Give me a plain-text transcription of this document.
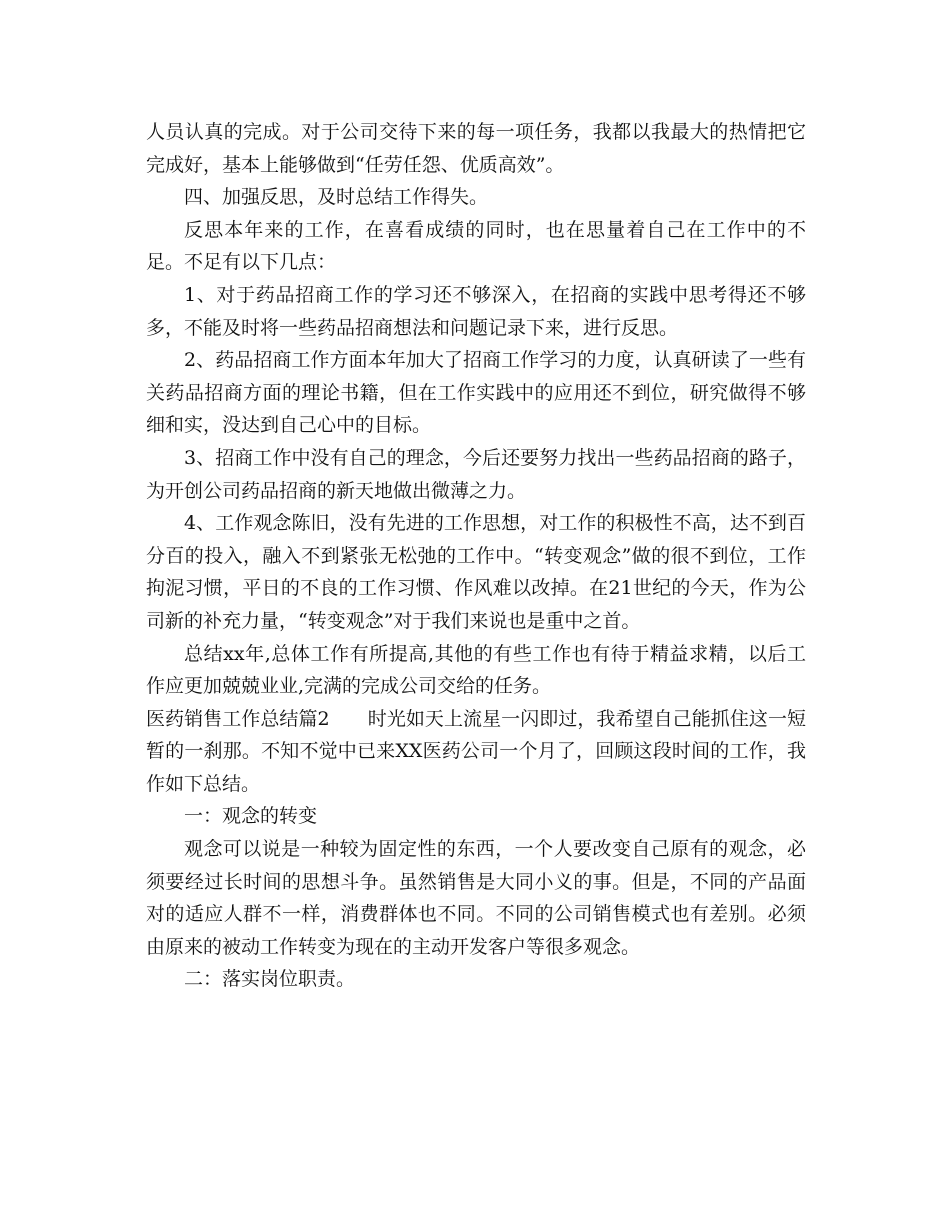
人员认真的完成。对于公司交待下来的每一项任务，我都以我最大的热情把它完成好，基本上能够做到“任劳任怨、优质高效”。

四、加强反思，及时总结工作得失。

反思本年来的工作，在喜看成绩的同时，也在思量着自己在工作中的不足。不足有以下几点：

1、对于药品招商工作的学习还不够深入，在招商的实践中思考得还不够多，不能及时将一些药品招商想法和问题记录下来，进行反思。

2、药品招商工作方面本年加大了招商工作学习的力度，认真研读了一些有关药品招商方面的理论书籍，但在工作实践中的应用还不到位，研究做得不够细和实，没达到自己心中的目标。

3、招商工作中没有自己的理念，今后还要努力找出一些药品招商的路子，为开创公司药品招商的新天地做出微薄之力。

4、工作观念陈旧，没有先进的工作思想，对工作的积极性不高，达不到百分百的投入，融入不到紧张无松弛的工作中。“转变观念”做的很不到位，工作拘泥习惯，平日的不良的工作习惯、作风难以改掉。在21世纪的今天，作为公司新的补充力量，“转变观念”对于我们来说也是重中之首。

总结xx年,总体工作有所提高,其他的有些工作也有待于精益求精，以后工作应更加兢兢业业,完满的完成公司交给的任务。

医药销售工作总结篇2　　时光如天上流星一闪即过，我希望自己能抓住这一短暂的一刹那。不知不觉中已来XX医药公司一个月了，回顾这段时间的工作，我作如下总结。

一：观念的转变

观念可以说是一种较为固定性的东西，一个人要改变自己原有的观念，必须要经过长时间的思想斗争。虽然销售是大同小义的事。但是，不同的产品面对的适应人群不一样，消费群体也不同。不同的公司销售模式也有差别。必须由原来的被动工作转变为现在的主动开发客户等很多观念。

二：落实岗位职责。
